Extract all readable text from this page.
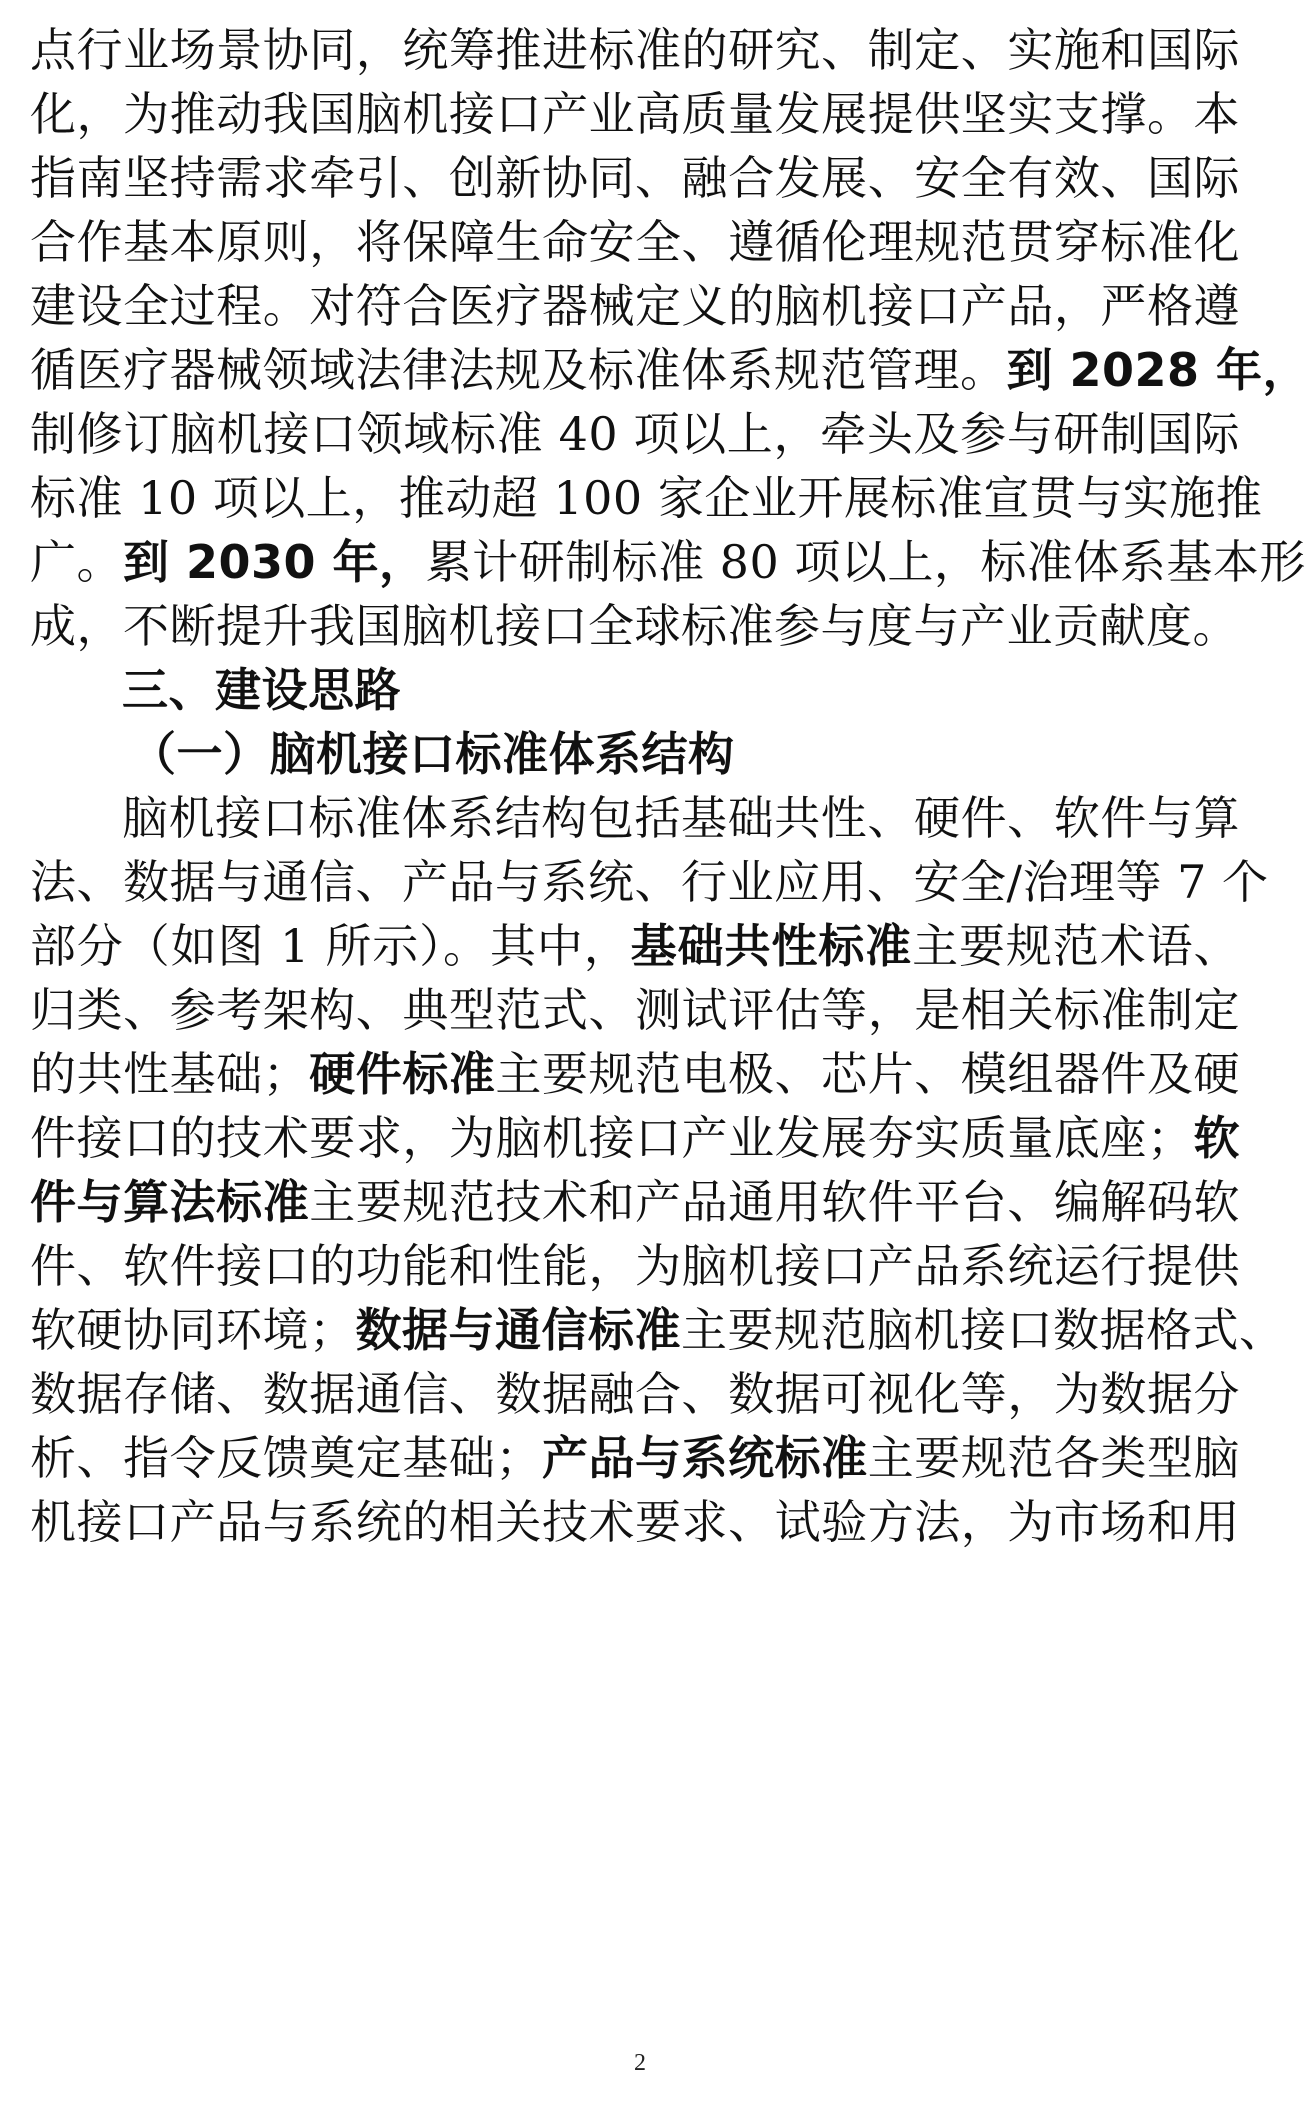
点行业场景协同，统筹推进标准的研究、制定、实施和国际
化，为推动我国脑机接口产业高质量发展提供坚实支撑。本
指南坚持需求牵引、创新协同、融合发展、安全有效、国际
合作基本原则，将保障生命安全、遵循伦理规范贯穿标准化
建设全过程。对符合医疗器械定义的脑机接口产品，严格遵
循医疗器械领域法律法规及标准体系规范管理。到 2028 年，
制修订脑机接口领域标准 40 项以上，牵头及参与研制国际
标准 10 项以上，推动超 100 家企业开展标准宣贯与实施推
广。到 2030 年，累计研制标准 80 项以上，标准体系基本形
成，不断提升我国脑机接口全球标准参与度与产业贡献度。
三、建设思路
（一）脑机接口标准体系结构
脑机接口标准体系结构包括基础共性、硬件、软件与算
法、数据与通信、产品与系统、行业应用、安全/治理等 7 个
部分（如图 1 所示）。其中，基础共性标准主要规范术语、
归类、参考架构、典型范式、测试评估等，是相关标准制定
的共性基础；硬件标准主要规范电极、芯片、模组器件及硬
件接口的技术要求，为脑机接口产业发展夯实质量底座；软
件与算法标准主要规范技术和产品通用软件平台、编解码软
件、软件接口的功能和性能，为脑机接口产品系统运行提供
软硬协同环境；数据与通信标准主要规范脑机接口数据格式、
数据存储、数据通信、数据融合、数据可视化等，为数据分
析、指令反馈奠定基础；产品与系统标准主要规范各类型脑
机接口产品与系统的相关技术要求、试验方法，为市场和用
2
